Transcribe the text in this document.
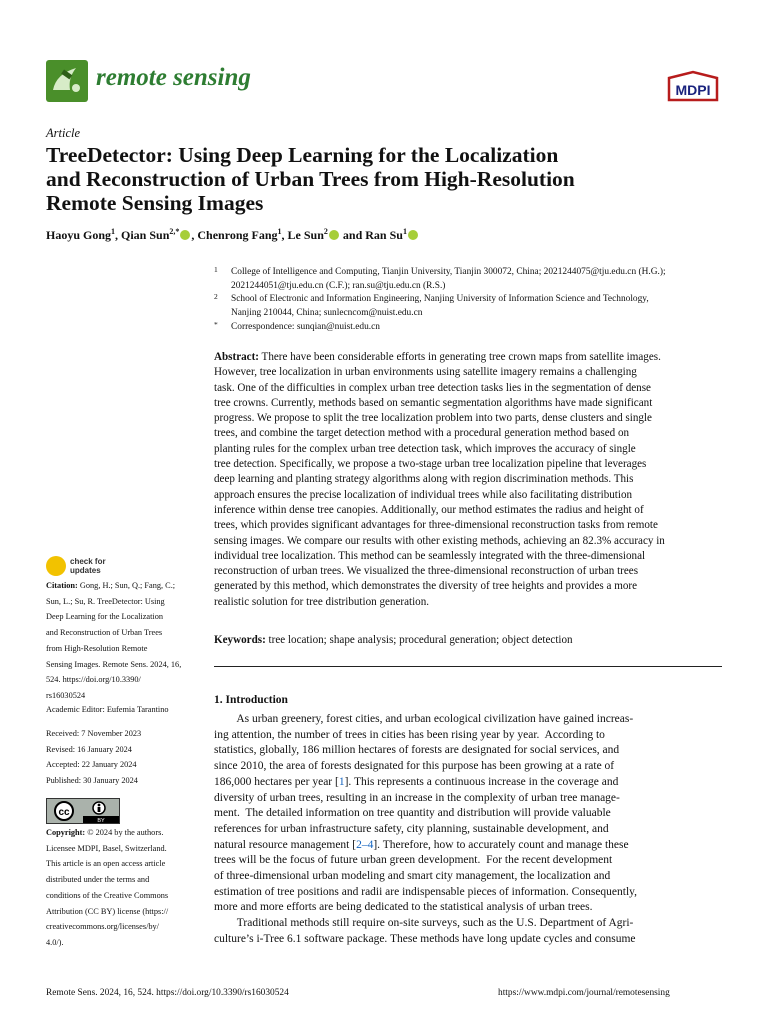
remote sensing	MDPI
Article
TreeDetector: Using Deep Learning for the Localization
and Reconstruction of Urban Trees from High-Resolution
Remote Sensing Images
Haoyu Gong$^1$, Qian Sun$^{2,*}$ , Chenrong Fang$^1$, Le Sun$^2$ and Ran Su$^1$
1 College of Intelligence and Computing, Tianjin University, Tianjin 300072, China; 2021244075@tju.edu.cn (H.G.);
2021244051@tju.edu.cn (C.F.); ran.su@tju.edu.cn (R.S.)
2 School of Electronic and Information Engineering, Nanjing University of Information Science and Technology,
Nanjing 210044, China; sunlecncom@nuist.edu.cn
* Correspondence: sunqian@nuist.edu.cn
Abstract: There have been considerable efforts in generating tree crown maps from satellite images.
However, tree localization in urban environments using satellite imagery remains a challenging
task. One of the difficulties in complex urban tree detection tasks lies in the segmentation of dense
tree crowns. Currently, methods based on semantic segmentation algorithms have made significant
progress. We propose to split the tree localization problem into two parts, dense clusters and single
trees, and combine the target detection method with a procedural generation method based on
planting rules for the complex urban tree detection task, which improves the accuracy of single
tree detection. Specifically, we propose a two-stage urban tree localization pipeline that leverages
deep learning and planting strategy algorithms along with region discrimination methods. This
approach ensures the precise localization of individual trees while also facilitating distribution
inference within dense tree canopies. Additionally, our method estimates the radius and height of
trees, which provides significant advantages for three-dimensional reconstruction tasks from remote
sensing images. We compare our results with other existing methods, achieving an 82.3% accuracy in
individual tree localization. This method can be seamlessly integrated with the three-dimensional
reconstruction of urban trees. We visualized the three-dimensional reconstruction of urban trees
generated by this method, which demonstrates the diversity of tree heights and provides a more
realistic solution for tree distribution generation.
Keywords: tree location; shape analysis; procedural generation; object detection
1. Introduction
As urban greenery, forest cities, and urban ecological civilization have gained increas-
ing attention, the number of trees in cities has been rising year by year.  According to
statistics, globally, 186 million hectares of forests are designated for social services, and
since 2010, the area of forests designated for this purpose has been growing at a rate of
186,000 hectares per year [1]. This represents a continuous increase in the coverage and
diversity of urban trees, resulting in an increase in the complexity of urban tree manage-
ment.  The detailed information on tree quantity and distribution will provide valuable
references for urban infrastructure safety, city planning, sustainable development, and
natural resource management [2–4]. Therefore, how to accurately count and manage these
trees will be the focus of future urban green development.  For the recent development
of three-dimensional urban modeling and smart city management, the localization and
estimation of tree positions and radii are indispensable pieces of information. Consequently,
more and more efforts are being dedicated to the statistical analysis of urban trees.
Traditional methods still require on-site surveys, such as the U.S. Department of Agri-
culture’s i-Tree 6.1 software package. These methods have long update cycles and consume
check for
updates
Citation: Gong, H.; Sun, Q.; Fang, C.;
Sun, L.; Su, R. TreeDetector: Using
Deep Learning for the Localization
and Reconstruction of Urban Trees
from High-Resolution Remote
Sensing Images. Remote Sens. 2024, 16,
524. https://doi.org/10.3390/
rs16030524
Academic Editor: Eufemia Tarantino
Received: 7 November 2023
Revised: 16 January 2024
Accepted: 22 January 2024
Published: 30 January 2024
cc
BY
Copyright: © 2024 by the authors.
Licensee MDPI, Basel, Switzerland.
This article is an open access article
distributed under the terms and
conditions of the Creative Commons
Attribution (CC BY) license (https://
creativecommons.org/licenses/by/
4.0/).
Remote Sens. 2024, 16, 524. https://doi.org/10.3390/rs16030524	https://www.mdpi.com/journal/remotesensing
